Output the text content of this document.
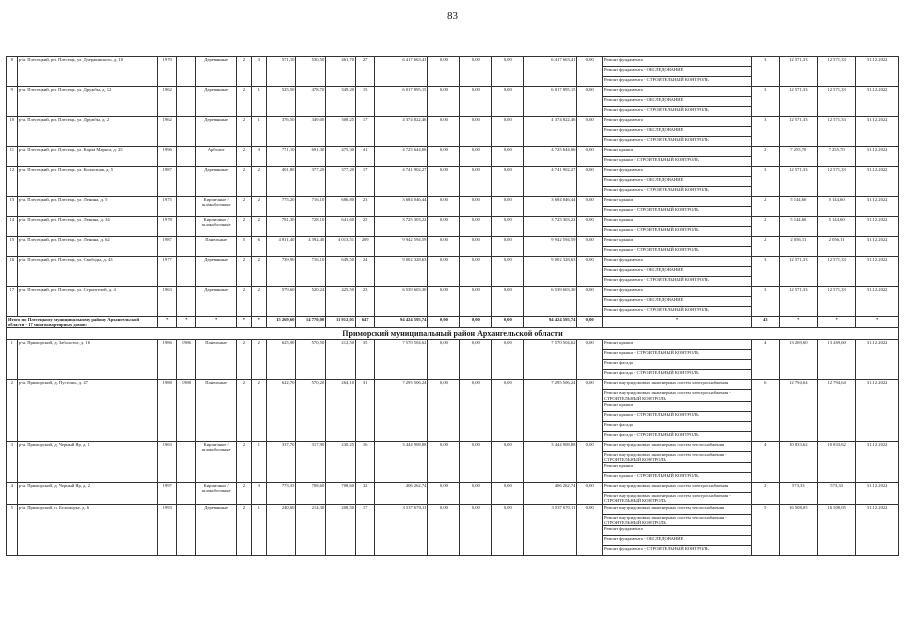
83
8	р-н. Плесецкий, рп. Плесецк, ул. Дзержинского, д. 10	1970		Деревянные	2	3	571,10	530,50	461,70	27	6 417 663,41	0,00	0,00	0,00	6 417 663,41	0,00	Ремонт фундамента	3	12 571,33	12 571,33	31.12.2022
																	Ремонт фундамента - ОБСЛЕДОВАНИЕ				
																	Ремонт фундамента - СТРОИТЕЛЬНЫЙ КОНТРОЛЬ				
9	р-н. Плесецкий, рп. Плесецк, ул. Дружбы, д. 12	1962		Деревянные	2	1	525,50	478,70	349,20	15	6 017 895,15	0,00	0,00	0,00	6 017 895,15	0,00	Ремонт фундамента	3	12 571,33	12 571,33	31.12.2022
																	Ремонт фундамента - ОБСЛЕДОВАНИЕ				
																	Ремонт фундамента - СТРОИТЕЛЬНЫЙ КОНТРОЛЬ				
10	р-н. Плесецкий, рп. Плесецк, ул. Дружбы, д. 2	1962		Деревянные	2	1	376,50	349,00	308,25	17	4 374 822,46	0,00	0,00	0,00	4 374 822,46	0,00	Ремонт фундамента	3	12 571,33	12 571,33	31.12.2022
																	Ремонт фундамента - ОБСЛЕДОВАНИЕ				
																	Ремонт фундамента - СТРОИТЕЛЬНЫЙ КОНТРОЛЬ				
11	р-н. Плесецкий, рп. Плесецк, ул. Карла Маркса, д. 25	1996		Арболит	2	3	771,10	691,30	475,30	41	4 725 644,06	0,00	0,00	0,00	4 725 644,06	0,00	Ремонт крыши	2	7 255,70	7 255,70	31.12.2022
																	Ремонт крыши - СТРОИТЕЛЬНЫЙ КОНТРОЛЬ				
12	р-н. Плесецкий, рп. Плесецк, ул. Колхозная, д. 5	1987		Деревянные	2	2	401,80	377,20	377,20	17	4 741 902,27	0,00	0,00	0,00	4 741 902,27	0,00	Ремонт фундамента	3	12 571,33	12 571,33	31.12.2022
																	Ремонт фундамента - ОБСЛЕДОВАНИЕ				
																	Ремонт фундамента - СТРОИТЕЛЬНЫЙ КОНТРОЛЬ				
13	р-н. Плесецкий, рп. Плесецк, ул. Ленина, д. 5	1975		Кирпичные / шлакоблочные	2	2	775,20	716,10	686,80	23	3 684 046,44	0,00	0,00	0,00	3 684 046,44	0,00	Ремонт крыши	2	5 144,60	5 144,60	31.12.2022
																	Ремонт крыши - СТРОИТЕЛЬНЫЙ КОНТРОЛЬ				
14	р-н. Плесецкий, рп. Плесецк, ул. Ленина, д. 34	1978		Кирпичные / шлакоблочные	2	2	781,30	728,10	641,60	25	3 725 303,22	0,00	0,00	0,00	3 725 303,22	0,00	Ремонт крыши	2	5 144,60	5 144,60	31.12.2022
																	Ремонт крыши - СТРОИТЕЛЬНЫЙ КОНТРОЛЬ				
15	р-н. Плесецкий, рп. Плесецк, ул. Ленина, д. 62	1987		Панельные	5	6	4 811,40	4 392,40	4 013,51	209	9 942 594,59	0,00	0,00	0,00	9 942 594,59	0,00	Ремонт крыши	2	2 056,11	2 056,11	31.12.2022
																	Ремонт крыши - СТРОИТЕЛЬНЫЙ КОНТРОЛЬ				
16	р-н. Плесецкий, рп. Плесецк, ул. Свободы, д. 43	1977		Деревянные	2	2	739,90	716,10	649,50	24	9 002 328,63	0,00	0,00	0,00	9 002 328,63	0,00	Ремонт фундамента	3	12 571,33	12 571,33	31.12.2022
																	Ремонт фундамента - ОБСЛЕДОВАНИЕ				
																	Ремонт фундамента - СТРОИТЕЛЬНЫЙ КОНТРОЛЬ				
17	р-н. Плесецкий, рп. Плесецк, ул. Строителей, д. 4	1963		Деревянные	2	2	579,60	520,24	425,50	23	6 539 603,30	0,00	0,00	0,00	6 539 603,30	0,00	Ремонт фундамента	3	12 571,33	12 571,33	31.12.2022
																	Ремонт фундамента - ОБСЛЕДОВАНИЕ				
																	Ремонт фундамента - СТРОИТЕЛЬНЫЙ КОНТРОЛЬ				
Итого по Плесецкому муниципальному району Архангельской области - 17 многоквартирных домов:		*	*	*	*	*	15 269,60	14 770,00	11 912,01	647	94 424 595,74	0,00	0,00	0,00	94 424 595,74	0,00	*	43	*	*	*
Приморский муниципальный район Архангельской области																					
1	р-н. Приморский, д. Заболотье, д. 16	1986	1986	Панельные	2	2	625,90	570,50	212,50	35	7 570 504,62	0,00	0,00	0,00	7 570 504,62	0,00	Ремонт крыши	4	13 269,60	13 269,60	31.12.2022
																	Ремонт крыши - СТРОИТЕЛЬНЫЙ КОНТРОЛЬ				
																	Ремонт фасада				
																	Ремонт фасада - СТРОИТЕЛЬНЫЙ КОНТРОЛЬ				
2	р-н. Приморский, д. Пустошь, д. 47	1988	1988	Панельные	2	2	622,70	570,20	264,10	31	7 295 506,24	0,00	0,00	0,00	7 295 506,24	0,00	Ремонт внутридомовых инженерных систем электроснабжения	6	12 794,64	12 794,64	31.12.2022
																	Ремонт внутридомовых инженерных систем электроснабжения - СТРОИТЕЛЬНЫЙ КОНТРОЛЬ				
																	Ремонт крыши				
																	Ремонт крыши - СТРОИТЕЛЬНЫЙ КОНТРОЛЬ				
																	Ремонт фасада				
																	Ремонт фасада - СТРОИТЕЛЬНЫЙ КОНТРОЛЬ				
3	р-н. Приморский, д. Черный Яр, д. 1	1963		Кирпичные / шлакоблочные	2	1	337,70	317,90	230,25	16	3 444 908,88	0,00	0,00	0,00	3 444 908,88	0,00	Ремонт внутридомовых инженерных систем теплоснабжения	4	10 833,62	10 833,62	31.12.2022
																	Ремонт внутридомовых инженерных систем теплоснабжения - СТРОИТЕЛЬНЫЙ КОНТРОЛЬ				
																	Ремонт крыши				
																	Ремонт крыши - СТРОИТЕЛЬНЫЙ КОНТРОЛЬ				
4	р-н. Приморский, д. Черный Яр, д. 2	1997		Кирпичные / шлакоблочные	2	3	773,35	708,60	708,60	32	406 262,74	0,00	0,00	0,00	406 262,74	0,00	Ремонт внутридомовых инженерных систем электроснабжения	2	573,33	573,33	31.12.2022
																	Ремонт внутридомовых инженерных систем электроснабжения - СТРОИТЕЛЬНЫЙ КОНТРОЛЬ				
5	р-н. Приморский, п. Беломорье, д. 6	1993		Деревянные	2	1	240,60	214,30	208,50	17	3 537 670,11	0,00	0,00	0,00	3 537 670,11	0,00	Ремонт внутридомовых инженерных систем теплоснабжения	5	16 508,05	16 508,05	31.12.2022
																	Ремонт внутридомовых инженерных систем теплоснабжения - СТРОИТЕЛЬНЫЙ КОНТРОЛЬ				
																	Ремонт фундамента				
																	Ремонт фундамента - ОБСЛЕДОВАНИЕ				
																	Ремонт фундамента - СТРОИТЕЛЬНЫЙ КОНТРОЛЬ				
